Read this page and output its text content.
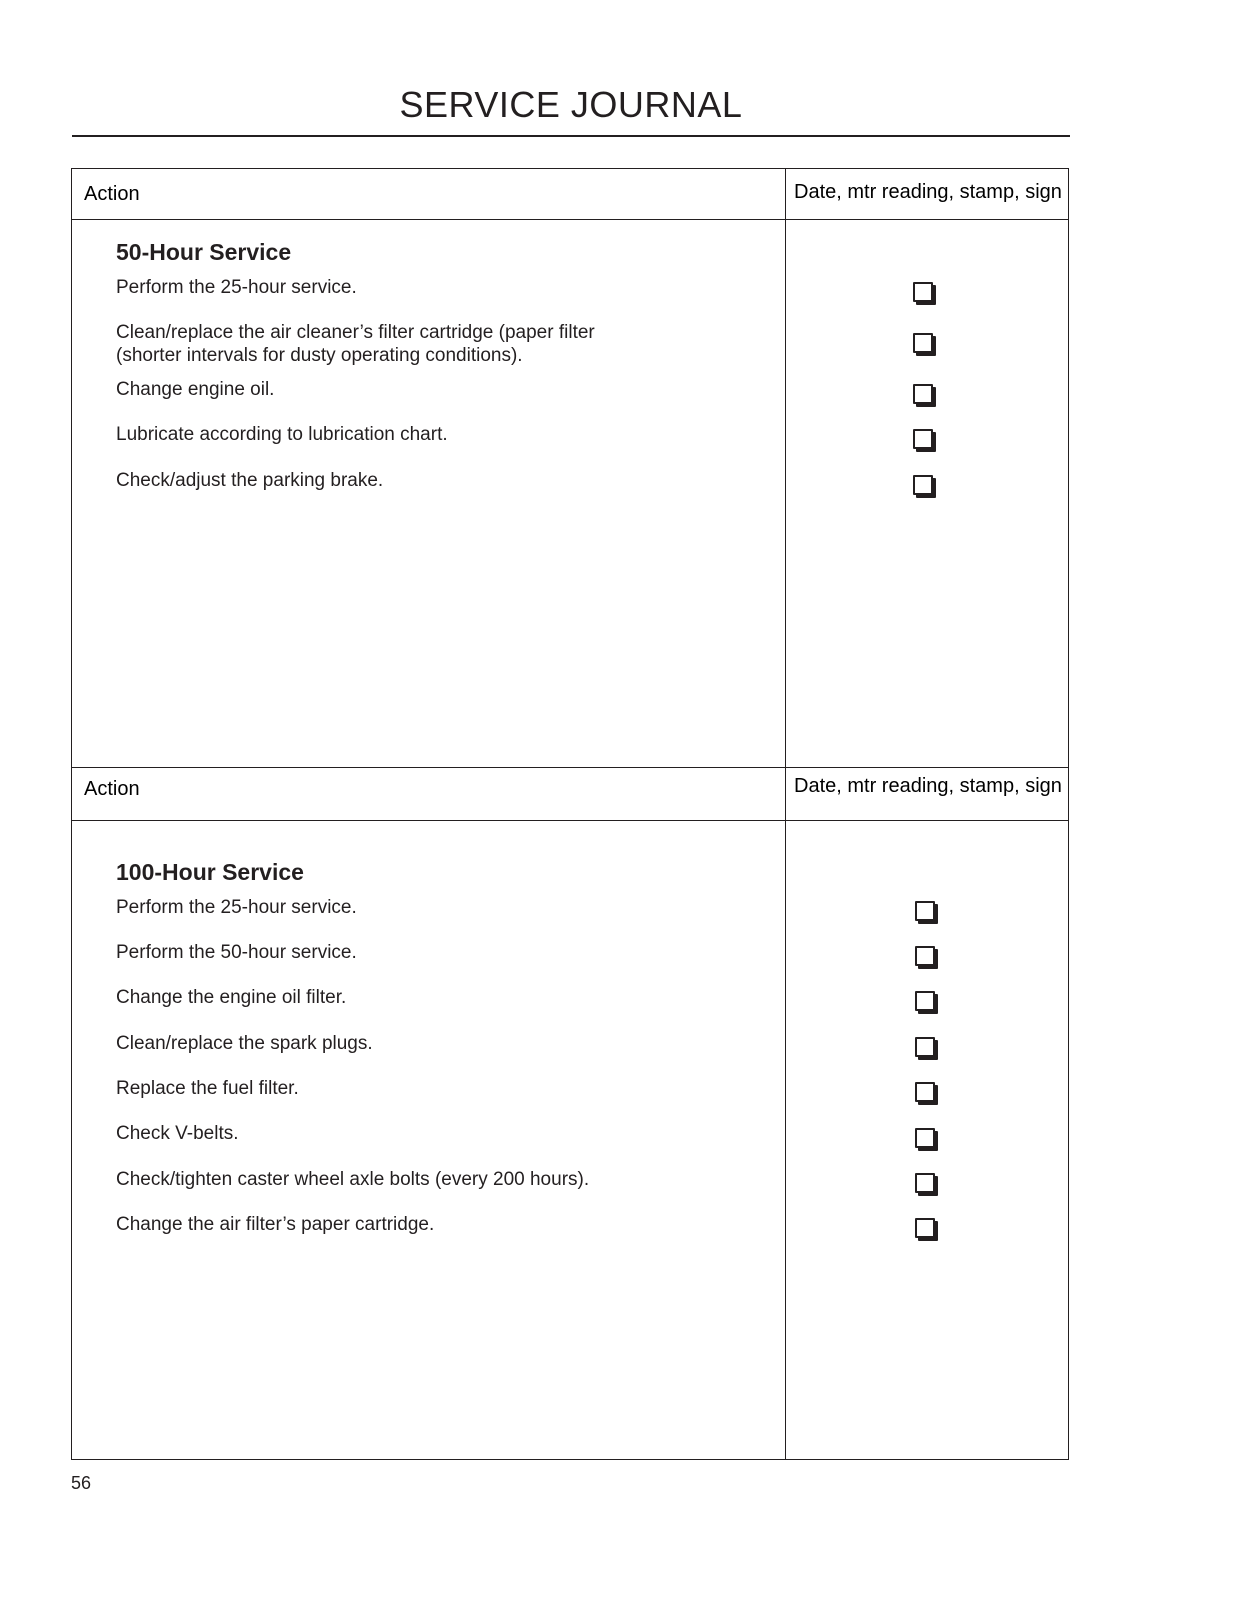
SERVICE JOURNAL
Action	Date, mtr reading, stamp, sign
50-Hour Service
Perform the 25-hour service.
Clean/replace the air cleaner’s filter cartridge (paper filter (shorter intervals for dusty operating conditions).
Change engine oil.
Lubricate according to lubrication chart.
Check/adjust the parking brake.
Action	Date, mtr reading, stamp, sign
100-Hour Service
Perform the 25-hour service.
Perform the 50-hour service.
Change the engine oil filter.
Clean/replace the spark plugs.
Replace the fuel filter.
Check V-belts.
Check/tighten caster wheel axle bolts (every 200 hours).
Change the air filter’s paper cartridge.
56
